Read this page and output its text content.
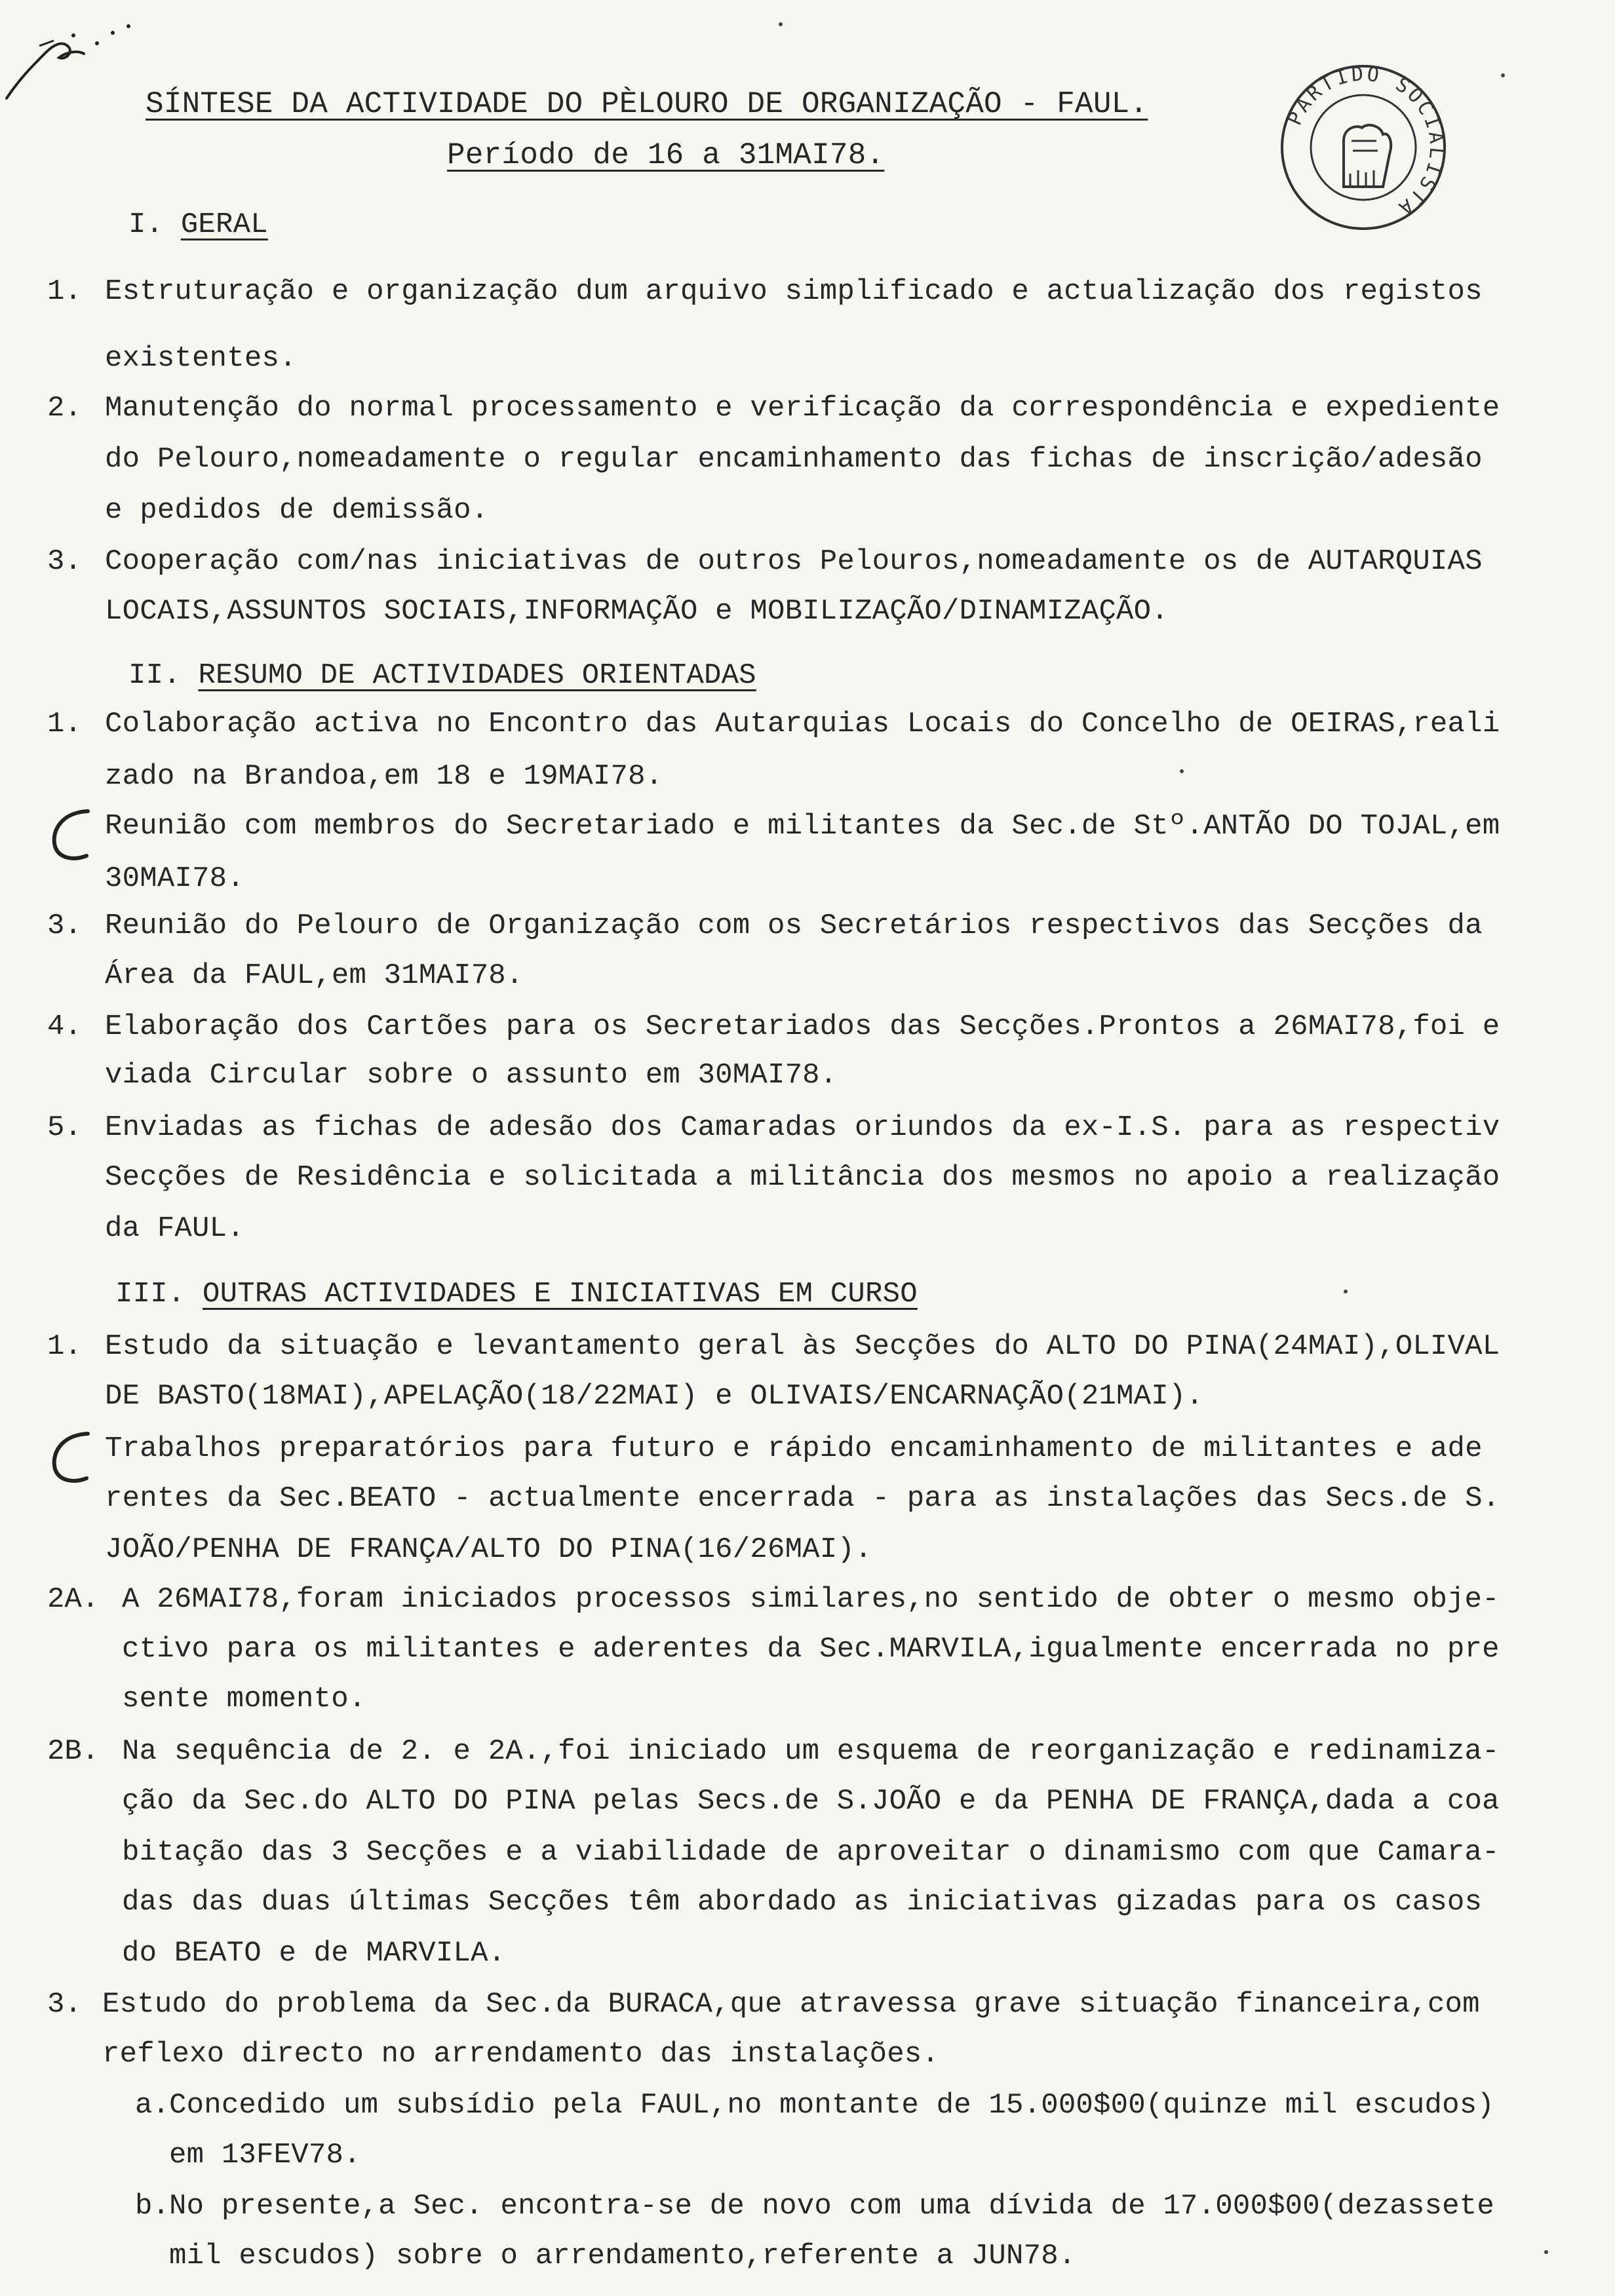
SÍNTESE DA ACTIVIDADE DO PÈLOURO DE ORGANIZAÇÃO - FAUL.
Período de 16 a 31MAI78.
PARTIDO SOCIALISTA
I. GERAL
1. Estruturação e organização dum arquivo simplificado e actualização dos registos
existentes.
2. Manutenção do normal processamento e verificação da correspondência e expediente
do Pelouro,nomeadamente o regular encaminhamento das fichas de inscrição/adesão
e pedidos de demissão.
3. Cooperação com/nas iniciativas de outros Pelouros,nomeadamente os de AUTARQUIAS
LOCAIS,ASSUNTOS SOCIAIS,INFORMAÇÃO e MOBILIZAÇÃO/DINAMIZAÇÃO.
II. RESUMO DE ACTIVIDADES ORIENTADAS
1. Colaboração activa no Encontro das Autarquias Locais do Concelho de OEIRAS,reali
zado na Brandoa,em 18 e 19MAI78.
Reunião com membros do Secretariado e militantes da Sec.de Stº.ANTÃO DO TOJAL,em
30MAI78.
3. Reunião do Pelouro de Organização com os Secretários respectivos das Secções da
Área da FAUL,em 31MAI78.
4. Elaboração dos Cartões para os Secretariados das Secções.Prontos a 26MAI78,foi e
viada Circular sobre o assunto em 30MAI78.
5. Enviadas as fichas de adesão dos Camaradas oriundos da ex-I.S. para as respectiv
Secções de Residência e solicitada a militância dos mesmos no apoio a realização
da FAUL.
III. OUTRAS ACTIVIDADES E INICIATIVAS EM CURSO
1. Estudo da situação e levantamento geral às Secções do ALTO DO PINA(24MAI),OLIVAL
DE BASTO(18MAI),APELAÇÃO(18/22MAI) e OLIVAIS/ENCARNAÇÃO(21MAI).
Trabalhos preparatórios para futuro e rápido encaminhamento de militantes e ade
rentes da Sec.BEATO - actualmente encerrada - para as instalações das Secs.de S.
JOÃO/PENHA DE FRANÇA/ALTO DO PINA(16/26MAI).
2A. A 26MAI78,foram iniciados processos similares,no sentido de obter o mesmo obje-
ctivo para os militantes e aderentes da Sec.MARVILA,igualmente encerrada no pre
sente momento.
2B. Na sequência de 2. e 2A.,foi iniciado um esquema de reorganização e redinamiza-
ção da Sec.do ALTO DO PINA pelas Secs.de S.JOÃO e da PENHA DE FRANÇA,dada a coa
bitação das 3 Secções e a viabilidade de aproveitar o dinamismo com que Camara-
das das duas últimas Secções têm abordado as iniciativas gizadas para os casos
do BEATO e de MARVILA.
3. Estudo do problema da Sec.da BURACA,que atravessa grave situação financeira,com
reflexo directo no arrendamento das instalações.
a. Concedido um subsídio pela FAUL,no montante de 15.000$00(quinze mil escudos)
em 13FEV78.
b. No presente,a Sec. encontra-se de novo com uma dívida de 17.000$00(dezassete
mil escudos) sobre o arrendamento,referente a JUN78.
